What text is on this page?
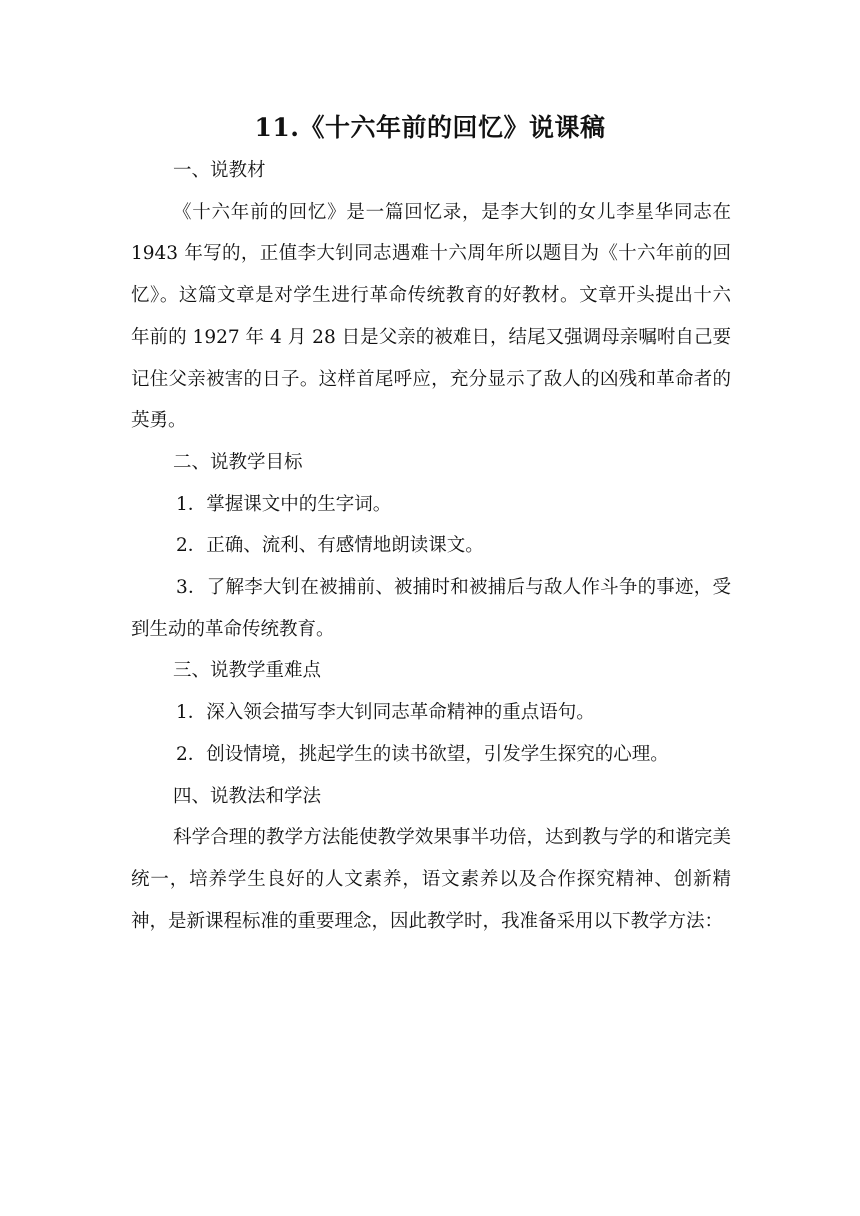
11.《十六年前的回忆》说课稿

一、说教材

《十六年前的回忆》是一篇回忆录，是李大钊的女儿李星华同志在 1943 年写的，正值李大钊同志遇难十六周年所以题目为《十六年前的回忆》。这篇文章是对学生进行革命传统教育的好教材。文章开头提出十六年前的 1927 年 4 月 28 日是父亲的被难日，结尾又强调母亲嘱咐自己要记住父亲被害的日子。这样首尾呼应，充分显示了敌人的凶残和革命者的英勇。

二、说教学目标

1．掌握课文中的生字词。

2．正确、流利、有感情地朗读课文。

3．了解李大钊在被捕前、被捕时和被捕后与敌人作斗争的事迹，受到生动的革命传统教育。

三、说教学重难点

1．深入领会描写李大钊同志革命精神的重点语句。

2．创设情境，挑起学生的读书欲望，引发学生探究的心理。

四、说教法和学法

科学合理的教学方法能使教学效果事半功倍，达到教与学的和谐完美统一，培养学生良好的人文素养，语文素养以及合作探究精神、创新精神，是新课程标准的重要理念，因此教学时，我准备采用以下教学方法：
